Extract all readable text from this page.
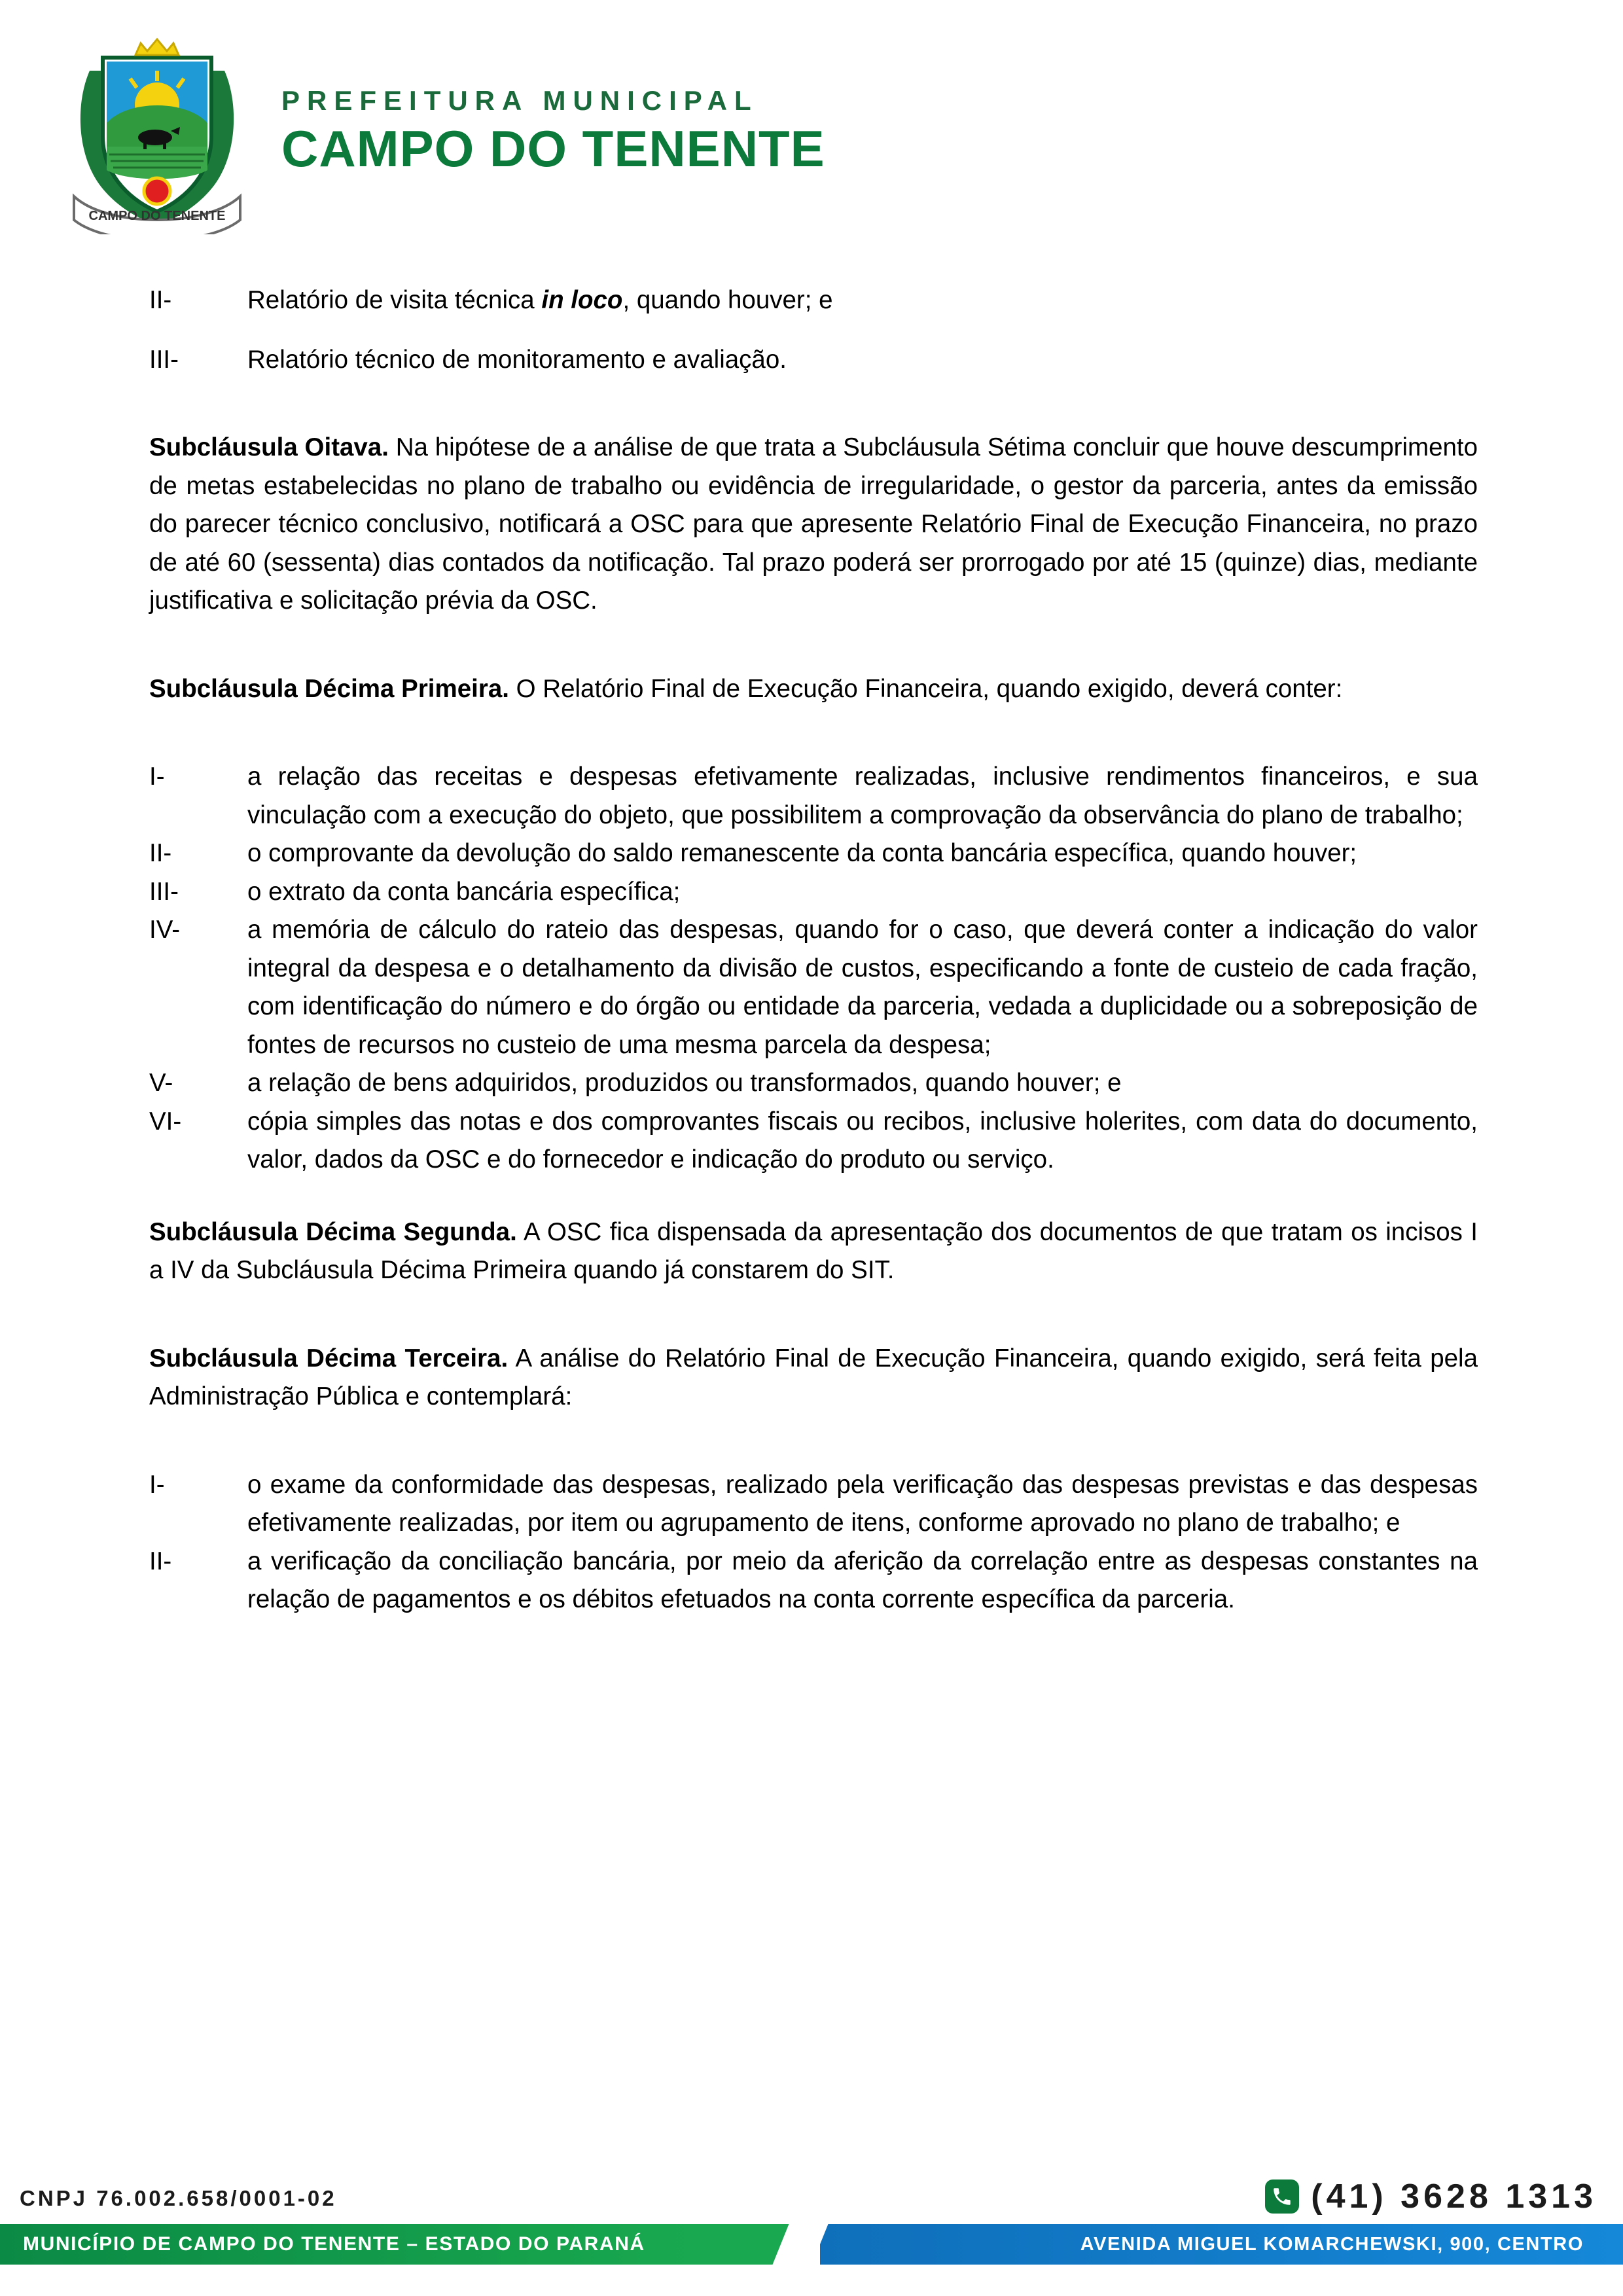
CAMPO DO TENENTE
PREFEITURA MUNICIPAL
CAMPO DO TENENTE

II-	Relatório de visita técnica in loco, quando houver; e

III-	Relatório técnico de monitoramento e avaliação.

Subcláusula Oitava. Na hipótese de a análise de que trata a Subcláusula Sétima concluir que houve descumprimento de metas estabelecidas no plano de trabalho ou evidência de irregularidade, o gestor da parceria, antes da emissão do parecer técnico conclusivo, notificará a OSC para que apresente Relatório Final de Execução Financeira, no prazo de até 60 (sessenta) dias contados da notificação. Tal prazo poderá ser prorrogado por até 15 (quinze) dias, mediante justificativa e solicitação prévia da OSC.

Subcláusula Décima Primeira. O Relatório Final de Execução Financeira, quando exigido, deverá conter:

I-	a relação das receitas e despesas efetivamente realizadas, inclusive rendimentos financeiros, e sua vinculação com a execução do objeto, que possibilitem a comprovação da observância do plano de trabalho;

II-	o comprovante da devolução do saldo remanescente da conta bancária específica, quando houver;

III-	o extrato da conta bancária específica;

IV-	a memória de cálculo do rateio das despesas, quando for o caso, que deverá conter a indicação do valor integral da despesa e o detalhamento da divisão de custos, especificando a fonte de custeio de cada fração, com identificação do número e do órgão ou entidade da parceria, vedada a duplicidade ou a sobreposição de fontes de recursos no custeio de uma mesma parcela da despesa;

V-	a relação de bens adquiridos, produzidos ou transformados, quando houver; e

VI-	cópia simples das notas e dos comprovantes fiscais ou recibos, inclusive holerites, com data do documento, valor, dados da OSC e do fornecedor e indicação do produto ou serviço.

Subcláusula Décima Segunda. A OSC fica dispensada da apresentação dos documentos de que tratam os incisos I a IV da Subcláusula Décima Primeira quando já constarem do SIT.

Subcláusula Décima Terceira. A análise do Relatório Final de Execução Financeira, quando exigido, será feita pela Administração Pública e contemplará:

I-	o exame da conformidade das despesas, realizado pela verificação das despesas previstas e das despesas efetivamente realizadas, por item ou agrupamento de itens, conforme aprovado no plano de trabalho; e

II-	a verificação da conciliação bancária, por meio da aferição da correlação entre as despesas constantes na relação de pagamentos e os débitos efetuados na conta corrente específica da parceria.

CNPJ 76.002.658/0001-02	(41) 3628 1313
MUNICÍPIO DE CAMPO DO TENENTE – ESTADO DO PARANÁ	AVENIDA MIGUEL KOMARCHEWSKI, 900, CENTRO
